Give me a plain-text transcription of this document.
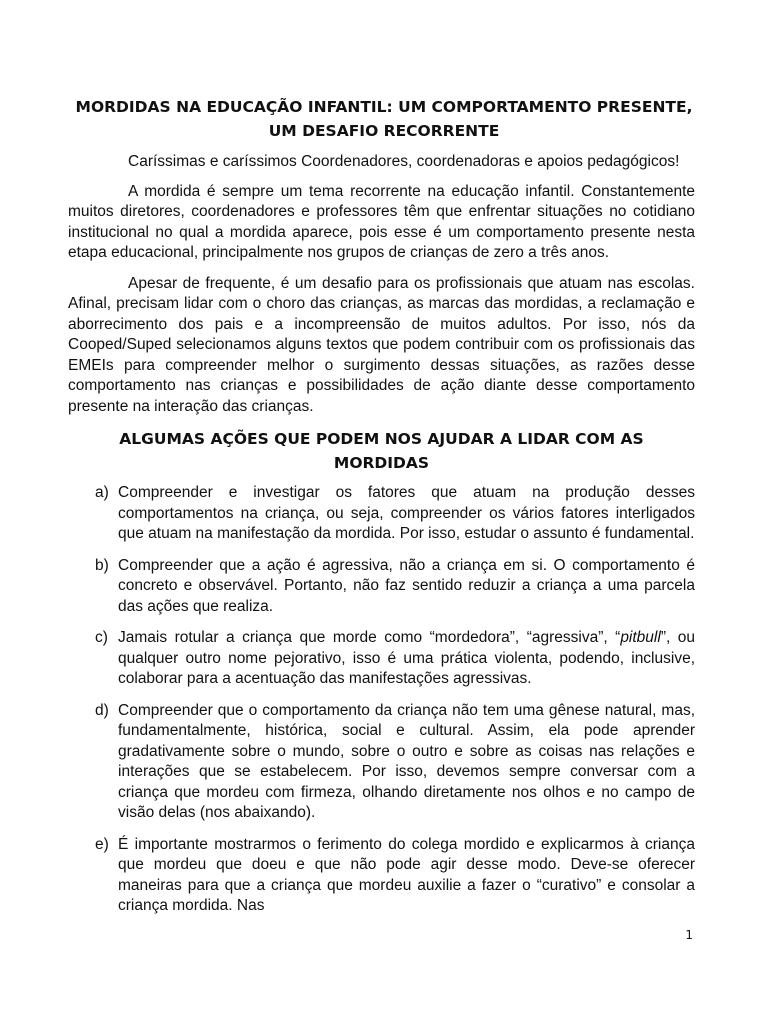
MORDIDAS NA EDUCAÇÃO INFANTIL: UM COMPORTAMENTO PRESENTE,
UM DESAFIO RECORRENTE

Caríssimas e caríssimos Coordenadores, coordenadoras e apoios pedagógicos!

A mordida é sempre um tema recorrente na educação infantil. Constantemente muitos diretores, coordenadores e professores têm que enfrentar situações no cotidiano institucional no qual a mordida aparece, pois esse é um comportamento presente nesta etapa educacional, principalmente nos grupos de crianças de zero a três anos.

Apesar de frequente, é um desafio para os profissionais que atuam nas escolas. Afinal, precisam lidar com o choro das crianças, as marcas das mordidas, a reclamação e aborrecimento dos pais e a incompreensão de muitos adultos. Por isso, nós da Cooped/Suped selecionamos alguns textos que podem contribuir com os profissionais das EMEIs para compreender melhor o surgimento dessas situações, as razões desse comportamento nas crianças e possibilidades de ação diante desse comportamento presente na interação das crianças.

ALGUMAS AÇÕES QUE PODEM NOS AJUDAR A LIDAR COM AS
MORDIDAS
a) Compreender e investigar os fatores que atuam na produção desses comportamentos na criança, ou seja, compreender os vários fatores interligados que atuam na manifestação da mordida. Por isso, estudar o assunto é fundamental.
b) Compreender que a ação é agressiva, não a criança em si. O comportamento é concreto e observável. Portanto, não faz sentido reduzir a criança a uma parcela das ações que realiza.
c) Jamais rotular a criança que morde como “mordedora”, “agressiva”, “pitbull”, ou qualquer outro nome pejorativo, isso é uma prática violenta, podendo, inclusive, colaborar para a acentuação das manifestações agressivas.
d) Compreender que o comportamento da criança não tem uma gênese natural, mas, fundamentalmente, histórica, social e cultural. Assim, ela pode aprender gradativamente sobre o mundo, sobre o outro e sobre as coisas nas relações e interações que se estabelecem. Por isso, devemos sempre conversar com a criança que mordeu com firmeza, olhando diretamente nos olhos e no campo de visão delas (nos abaixando).
e) É importante mostrarmos o ferimento do colega mordido e explicarmos à criança que mordeu que doeu e que não pode agir desse modo. Deve-se oferecer maneiras para que a criança que mordeu auxilie a fazer o “curativo” e consolar a criança mordida. Nas
1
